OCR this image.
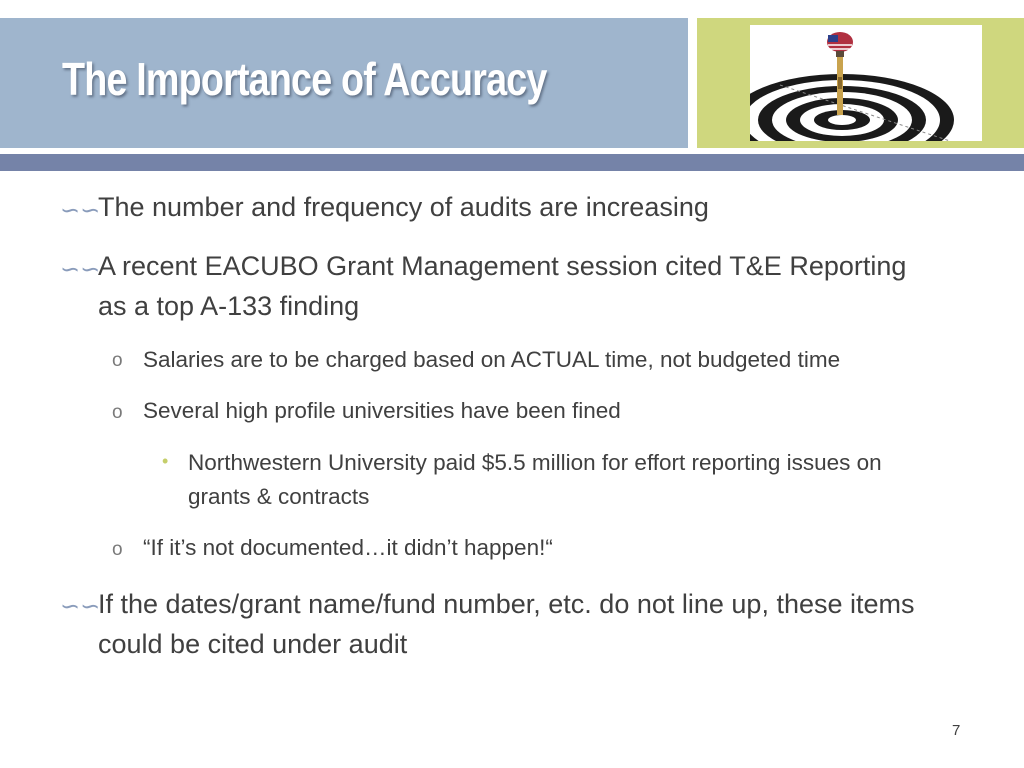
The Importance of Accuracy
∽∽
The number and frequency of audits are increasing
∽∽
A recent EACUBO Grant Management session cited T&E Reporting as a top A-133 finding
o Salaries are to be charged based on ACTUAL time, not budgeted time
o Several high profile universities have been fined
• Northwestern University paid $5.5 million for effort reporting issues on grants & contracts
o “If it’s not documented…it didn’t happen!“
∽∽
If the dates/grant name/fund number, etc. do not line up, these items could be cited under audit
7
